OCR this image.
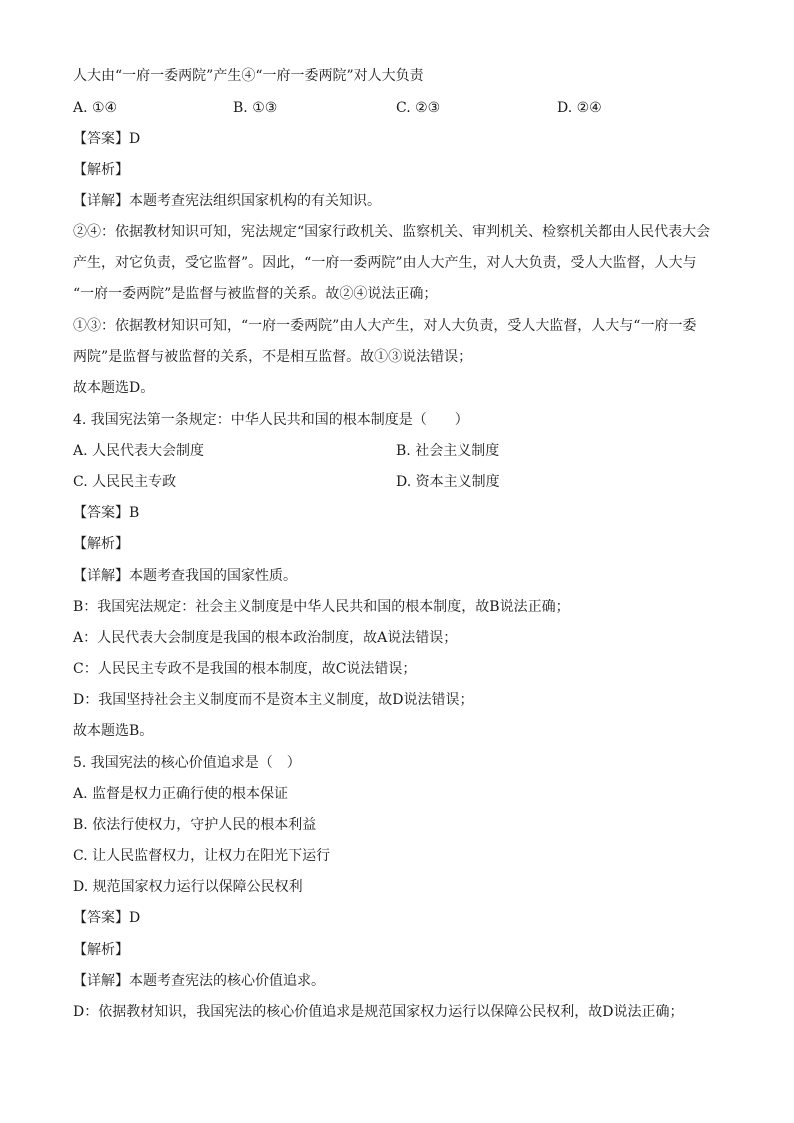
人大由“一府一委两院”产生④“一府一委两院”对人大负责
A. ①④	B. ①③	C. ②③	D. ②④
【答案】D
【解析】
【详解】本题考查宪法组织国家机构的有关知识。
②④：依据教材知识可知，宪法规定“国家行政机关、监察机关、审判机关、检察机关都由人民代表大会
产生，对它负责，受它监督”。因此，“一府一委两院”由人大产生，对人大负责，受人大监督，人大与
“一府一委两院”是监督与被监督的关系。故②④说法正确；
①③：依据教材知识可知，“一府一委两院”由人大产生，对人大负责，受人大监督，人大与“一府一委
两院”是监督与被监督的关系，不是相互监督。故①③说法错误；
故本题选D。
4. 我国宪法第一条规定：中华人民共和国的根本制度是（　　）
A. 人民代表大会制度	B. 社会主义制度
C. 人民民主专政	D. 资本主义制度
【答案】B
【解析】
【详解】本题考查我国的国家性质。
B：我国宪法规定：社会主义制度是中华人民共和国的根本制度，故B说法正确；
A：人民代表大会制度是我国的根本政治制度，故A说法错误；
C：人民民主专政不是我国的根本制度，故C说法错误；
D：我国坚持社会主义制度而不是资本主义制度，故D说法错误；
故本题选B。
5. 我国宪法的核心价值追求是（　）
A. 监督是权力正确行使的根本保证
B. 依法行使权力，守护人民的根本利益
C. 让人民监督权力，让权力在阳光下运行
D. 规范国家权力运行以保障公民权利
【答案】D
【解析】
【详解】本题考查宪法的核心价值追求。
D：依据教材知识，我国宪法的核心价值追求是规范国家权力运行以保障公民权利，故D说法正确；
